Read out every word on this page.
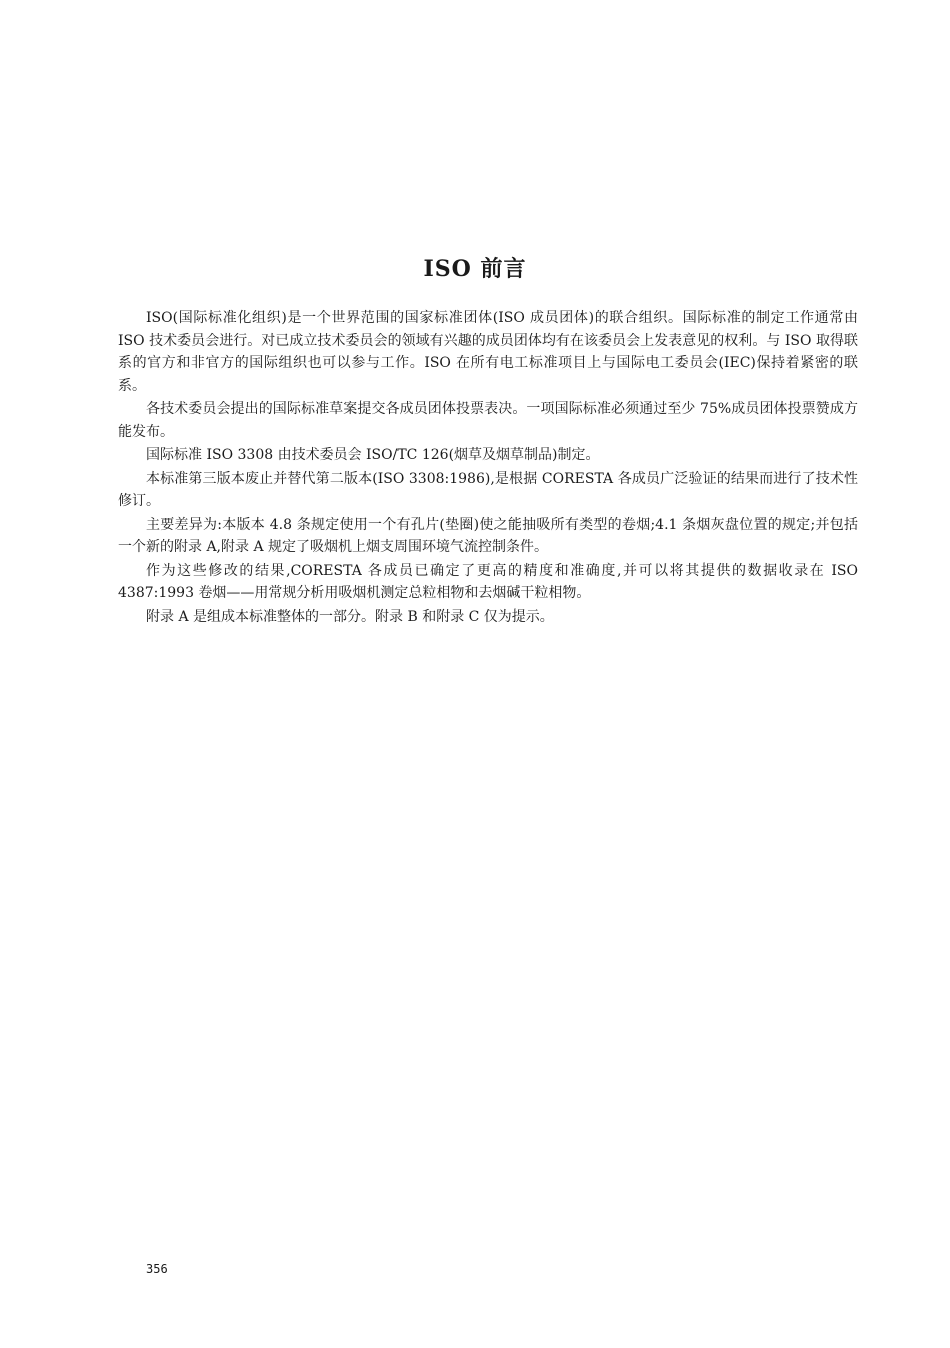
ISO 前言

ISO(国际标准化组织)是一个世界范围的国家标准团体(ISO 成员团体)的联合组织。国际标准的制定工作通常由 ISO 技术委员会进行。对已成立技术委员会的领域有兴趣的成员团体均有在该委员会上发表意见的权利。与 ISO 取得联系的官方和非官方的国际组织也可以参与工作。ISO 在所有电工标准项目上与国际电工委员会(IEC)保持着紧密的联系。

各技术委员会提出的国际标准草案提交各成员团体投票表决。一项国际标准必须通过至少 75%成员团体投票赞成方能发布。

国际标准 ISO 3308 由技术委员会 ISO/TC 126(烟草及烟草制品)制定。

本标准第三版本废止并替代第二版本(ISO 3308:1986),是根据 CORESTA 各成员广泛验证的结果而进行了技术性修订。

主要差异为:本版本 4.8 条规定使用一个有孔片(垫圈)使之能抽吸所有类型的卷烟;4.1 条烟灰盘位置的规定;并包括一个新的附录 A,附录 A 规定了吸烟机上烟支周围环境气流控制条件。

作为这些修改的结果,CORESTA 各成员已确定了更高的精度和准确度,并可以将其提供的数据收录在 ISO 4387:1993 卷烟——用常规分析用吸烟机测定总粒相物和去烟碱干粒相物。

附录 A 是组成本标准整体的一部分。附录 B 和附录 C 仅为提示。

356
